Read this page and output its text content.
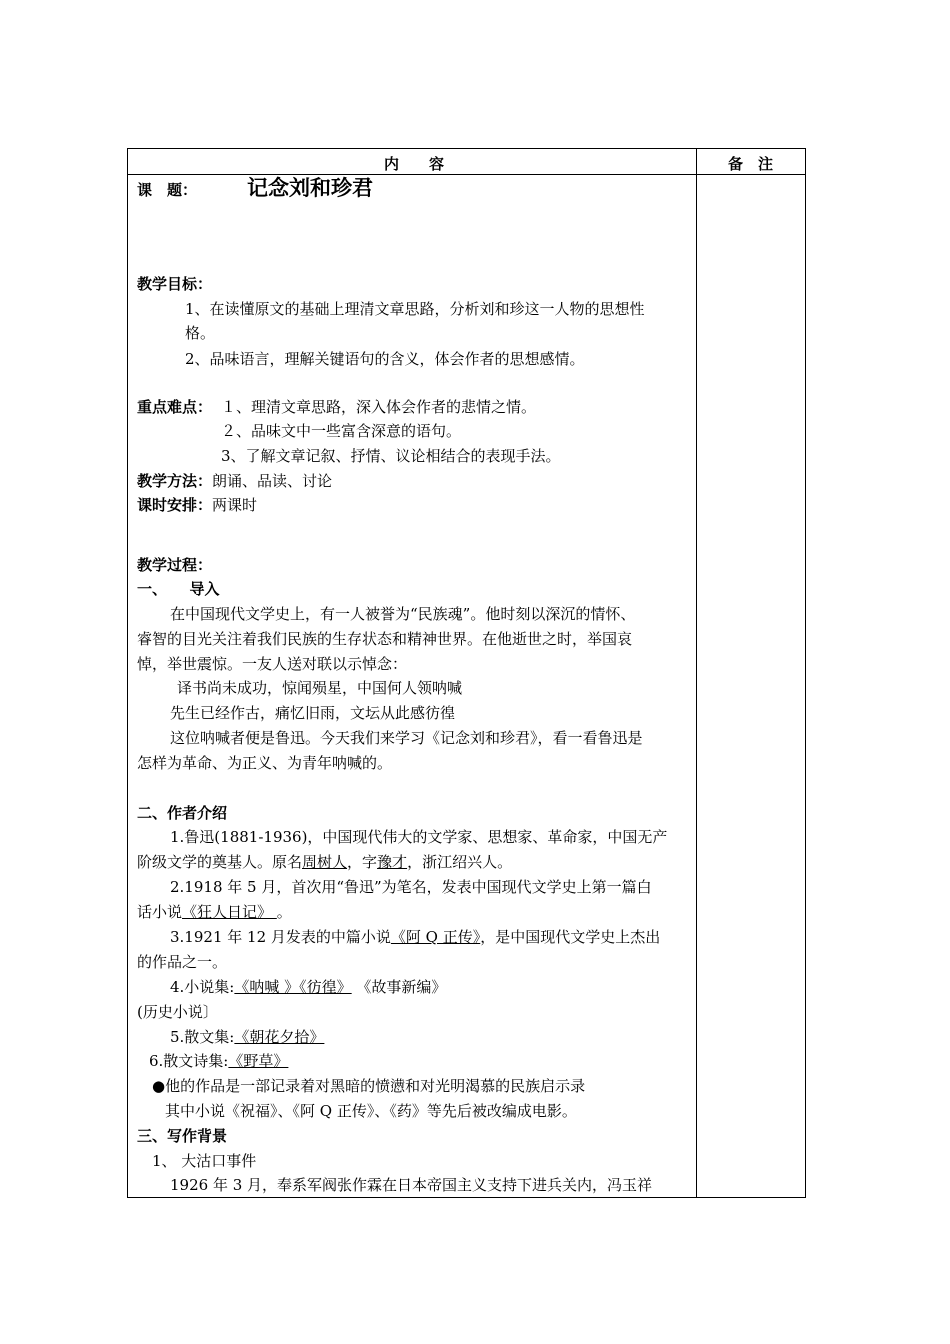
内　　容	备　注
课　题： 记念刘和珍君
教学目标：
1、在读懂原文的基础上理清文章思路，分析刘和珍这一人物的思想性
格。
2、品味语言，理解关键语句的含义，体会作者的思想感情。
重点难点： １、理清文章思路，深入体会作者的悲情之情。
２、品味文中一些富含深意的语句。
3、了解文章记叙、抒情、议论相结合的表现手法。
教学方法：朗诵、品读、讨论
课时安排：两课时
教学过程：
一、　　导入
在中国现代文学史上，有一人被誉为“民族魂”。他时刻以深沉的情怀、
睿智的目光关注着我们民族的生存状态和精神世界。在他逝世之时，举国哀
悼，举世震惊。一友人送对联以示悼念：
译书尚未成功，惊闻殒星，中国何人领呐喊
先生已经作古，痛忆旧雨，文坛从此感彷徨
这位呐喊者便是鲁迅。今天我们来学习《记念刘和珍君》，看一看鲁迅是
怎样为革命、为正义、为青年呐喊的。
二、作者介绍
1.鲁迅(1881-1936)，中国现代伟大的文学家、思想家、革命家，中国无产
阶级文学的奠基人。原名周树人，字豫才，浙江绍兴人。
2.1918 年 5 月，首次用“鲁迅”为笔名，发表中国现代文学史上第一篇白
话小说《狂人日记》 。
3.1921 年 12 月发表的中篇小说《阿 Q 正传》，是中国现代文学史上杰出
的作品之一。
4.小说集:《呐喊 》《彷徨》 《故事新编》
(历史小说〕
5.散文集:《朝花夕拾》
6.散文诗集:《野草》
●他的作品是一部记录着对黑暗的愤懑和对光明渴慕的民族启示录
其中小说《祝福》、《阿 Q 正传》、《药》等先后被改编成电影。
三、写作背景
1、 大沽口事件
1926 年 3 月，奉系军阀张作霖在日本帝国主义支持下进兵关内，冯玉祥
